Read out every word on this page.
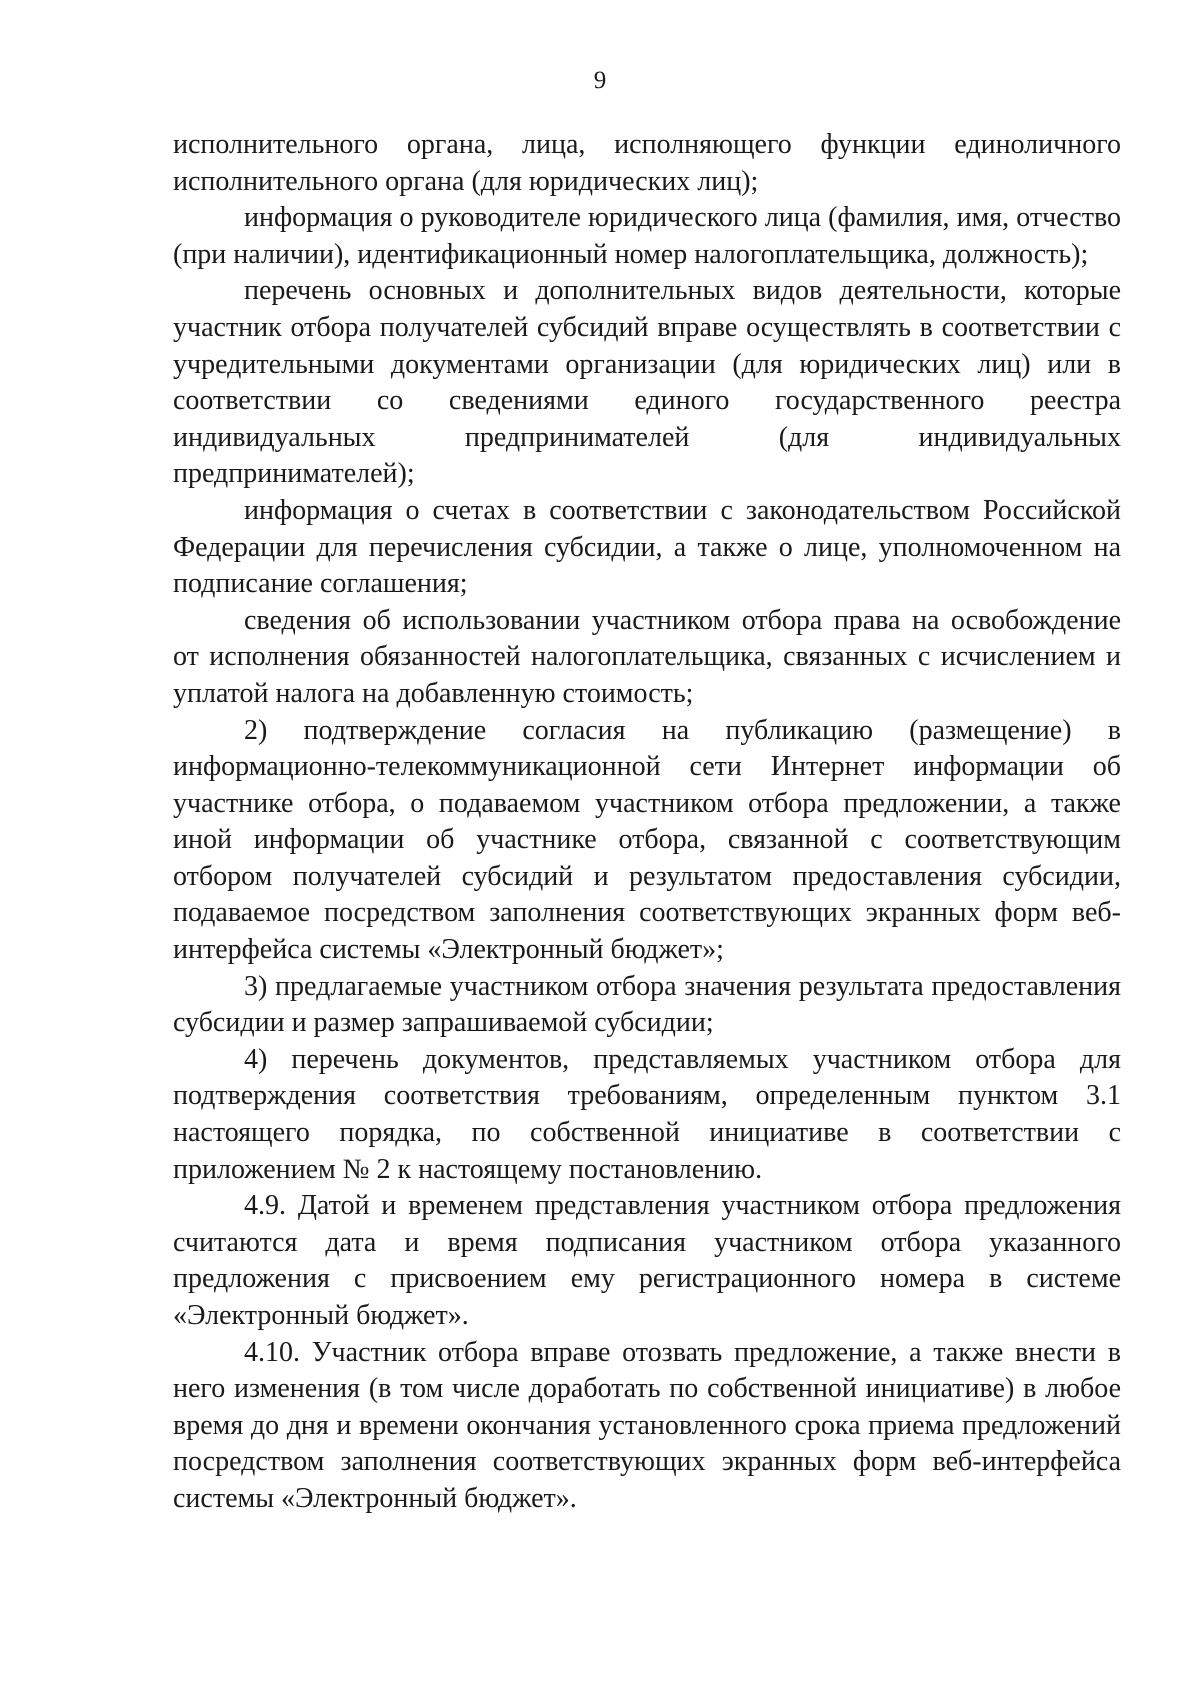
9

исполнительного органа, лица, исполняющего функции единоличного исполнительного органа (для юридических лиц);

информация о руководителе юридического лица (фамилия, имя, отчество (при наличии), идентификационный номер налогоплательщика, должность);

перечень основных и дополнительных видов деятельности, которые участник отбора получателей субсидий вправе осуществлять в соответствии с учредительными документами организации (для юридических лиц) или в соответствии со сведениями единого государственного реестра индивидуальных предпринимателей (для индивидуальных предпринимателей);

информация о счетах в соответствии с законодательством Российской Федерации для перечисления субсидии, а также о лице, уполномоченном на подписание соглашения;

сведения об использовании участником отбора права на освобождение от исполнения обязанностей налогоплательщика, связанных с исчислением и уплатой налога на добавленную стоимость;

2) подтверждение согласия на публикацию (размещение) в информационно-телекоммуникационной сети Интернет информации об участнике отбора, о подаваемом участником отбора предложении, а также иной информации об участнике отбора, связанной с соответствующим отбором получателей субсидий и результатом предоставления субсидии, подаваемое посредством заполнения соответствующих экранных форм веб-интерфейса системы «Электронный бюджет»;

3) предлагаемые участником отбора значения результата предоставления субсидии и размер запрашиваемой субсидии;

4) перечень документов, представляемых участником отбора для подтверждения соответствия требованиям, определенным пунктом 3.1 настоящего порядка, по собственной инициативе в соответствии с приложением № 2 к настоящему постановлению.

4.9. Датой и временем представления участником отбора предложения считаются дата и время подписания участником отбора указанного предложения с присвоением ему регистрационного номера в системе «Электронный бюджет».

4.10. Участник отбора вправе отозвать предложение, а также внести в него изменения (в том числе доработать по собственной инициативе) в любое время до дня и времени окончания установленного срока приема предложений посредством заполнения соответствующих экранных форм веб-интерфейса системы «Электронный бюджет».
